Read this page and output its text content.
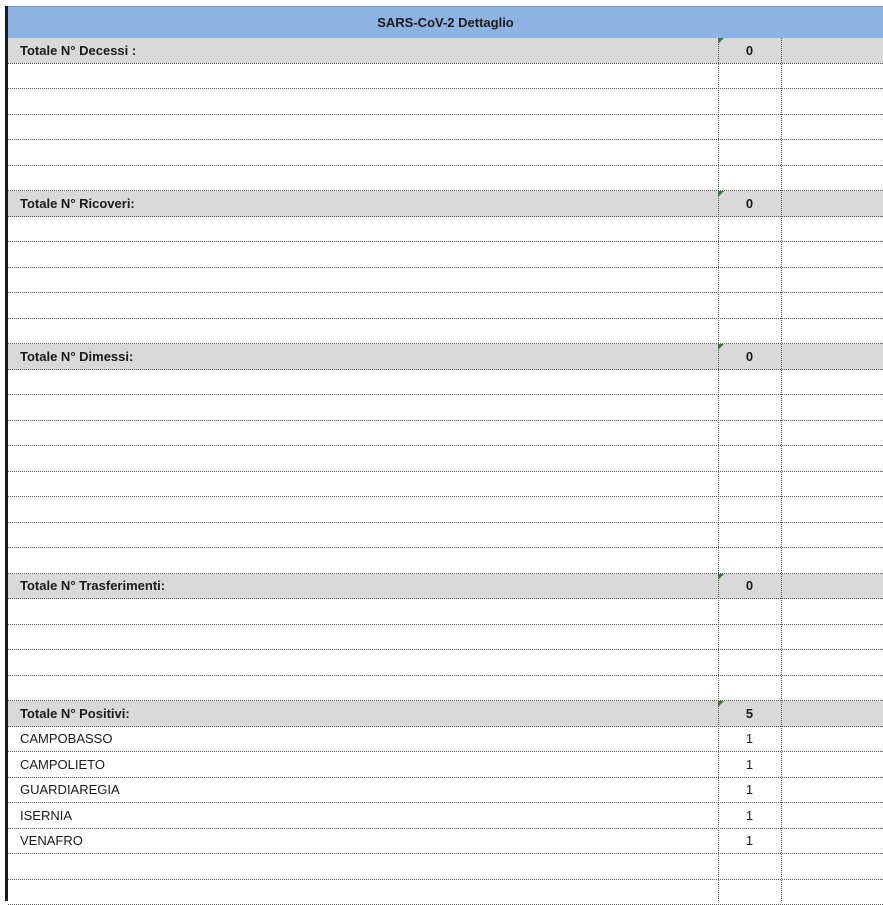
SARS-CoV-2 Dettaglio
Totale N° Decessi :	0
Totale N° Ricoveri:	0
Totale N° Dimessi:	0
Totale N° Trasferimenti:	0
Totale N° Positivi:	5
CAMPOBASSO	1
CAMPOLIETO	1
GUARDIAREGIA	1
ISERNIA	1
VENAFRO	1
